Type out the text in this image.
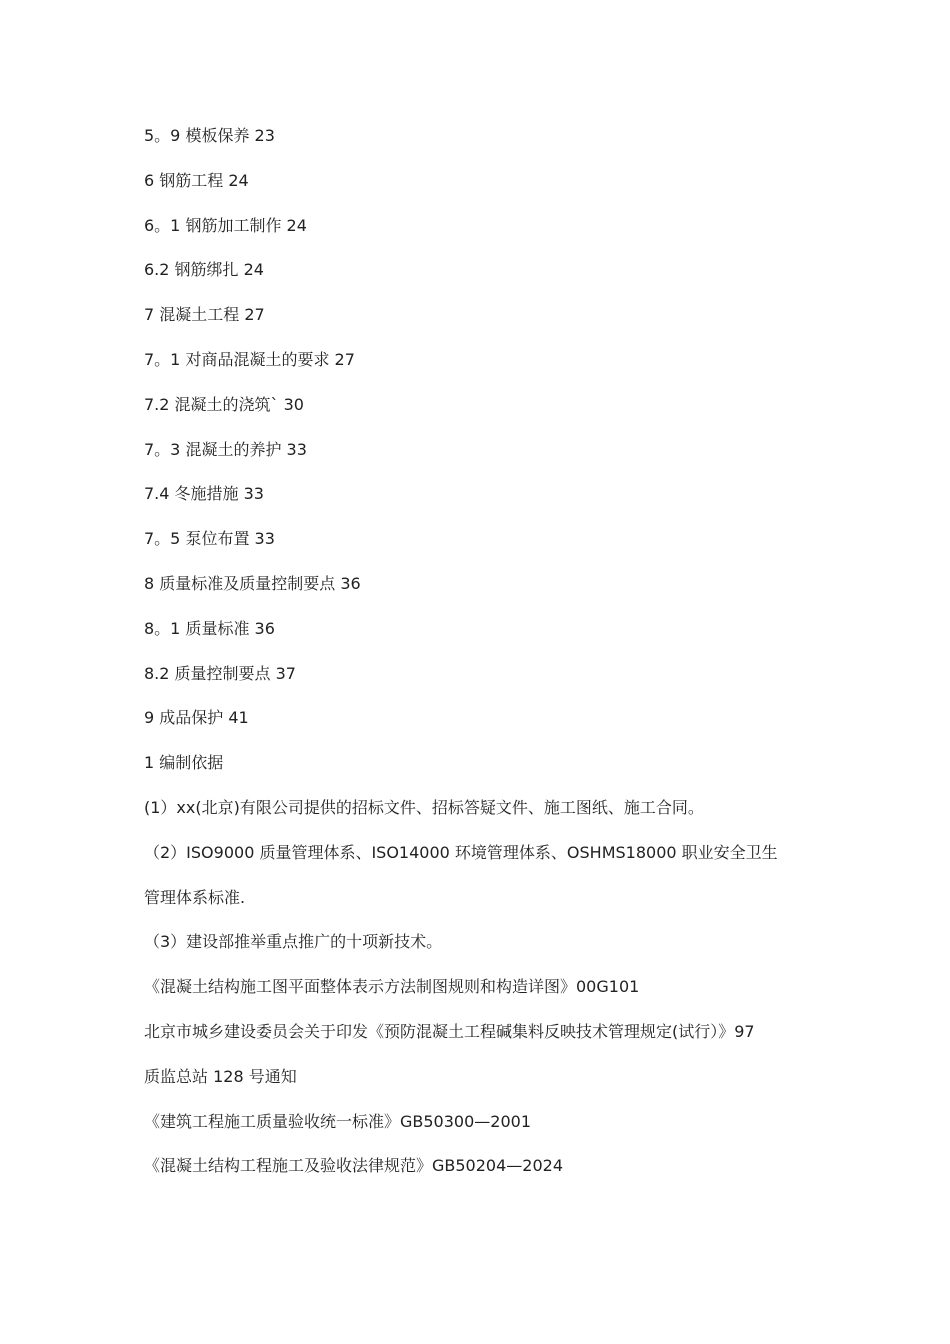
5。9 模板保养 23
6 钢筋工程 24
6。1 钢筋加工制作 24
6.2 钢筋绑扎 24
7 混凝土工程 27
7。1 对商品混凝土的要求 27
7.2 混凝土的浇筑` 30
7。3 混凝土的养护 33
7.4 冬施措施 33
7。5 泵位布置 33
8 质量标准及质量控制要点 36
8。1 质量标准 36
8.2 质量控制要点 37
9 成品保护 41
1 编制依据
(1）xx(北京)有限公司提供的招标文件、招标答疑文件、施工图纸、施工合同。
（2）ISO9000 质量管理体系、ISO14000 环境管理体系、OSHMS18000 职业安全卫生
管理体系标准.
（3）建设部推举重点推广的十项新技术。
《混凝土结构施工图平面整体表示方法制图规则和构造详图》00G101
北京市城乡建设委员会关于印发《预防混凝土工程碱集料反映技术管理规定(试行）》97
质监总站 128 号通知
《建筑工程施工质量验收统一标准》GB50300—2001
《混凝土结构工程施工及验收法律规范》GB50204—2024
